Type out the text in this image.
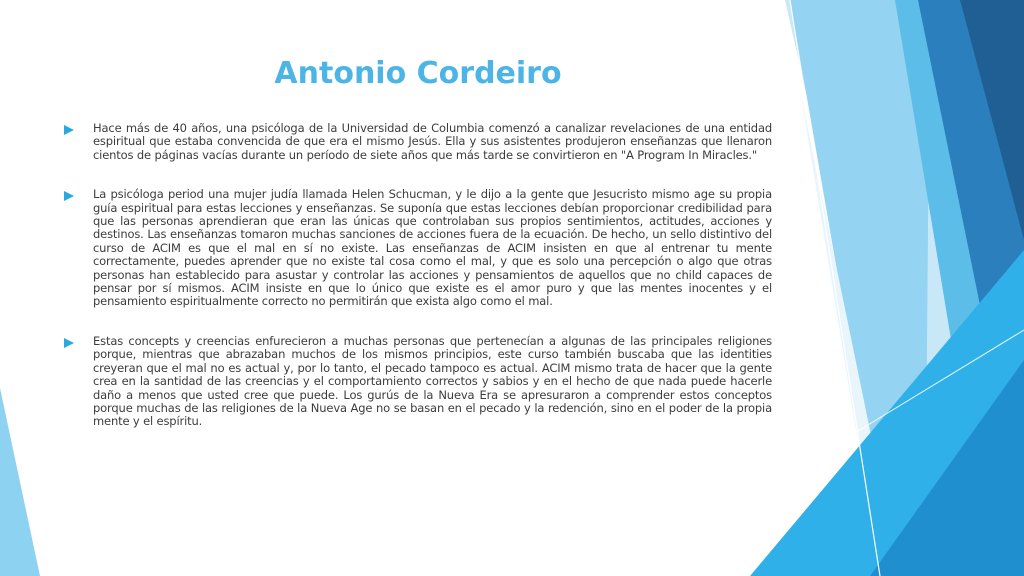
Antonio Cordeiro

Hace más de 40 años, una psicóloga de la Universidad de Columbia comenzó a canalizar revelaciones de una entidad espiritual que estaba convencida de que era el mismo Jesús. Ella y sus asistentes produjeron enseñanzas que llenaron cientos de páginas vacías durante un período de siete años que más tarde se convirtieron en "A Program In Miracles."

La psicóloga period una mujer judía llamada Helen Schucman, y le dijo a la gente que Jesucristo mismo age su propia guía espiritual para estas lecciones y enseñanzas. Se suponía que estas lecciones debían proporcionar credibilidad para que las personas aprendieran que eran las únicas que controlaban sus propios sentimientos, actitudes, acciones y destinos. Las enseñanzas tomaron muchas sanciones de acciones fuera de la ecuación. De hecho, un sello distintivo del curso de ACIM es que el mal en sí no existe. Las enseñanzas de ACIM insisten en que al entrenar tu mente correctamente, puedes aprender que no existe tal cosa como el mal, y que es solo una percepción o algo que otras personas han establecido para asustar y controlar las acciones y pensamientos de aquellos que no child capaces de pensar por sí mismos. ACIM insiste en que lo único que existe es el amor puro y que las mentes inocentes y el pensamiento espiritualmente correcto no permitirán que exista algo como el mal.

Estas concepts y creencias enfurecieron a muchas personas que pertenecían a algunas de las principales religiones porque, mientras que abrazaban muchos de los mismos principios, este curso también buscaba que las identities creyeran que el mal no es actual y, por lo tanto, el pecado tampoco es actual. ACIM mismo trata de hacer que la gente crea en la santidad de las creencias y el comportamiento correctos y sabios y en el hecho de que nada puede hacerle daño a menos que usted cree que puede. Los gurús de la Nueva Era se apresuraron a comprender estos conceptos porque muchas de las religiones de la Nueva Age no se basan en el pecado y la redención, sino en el poder de la propia mente y el espíritu.
